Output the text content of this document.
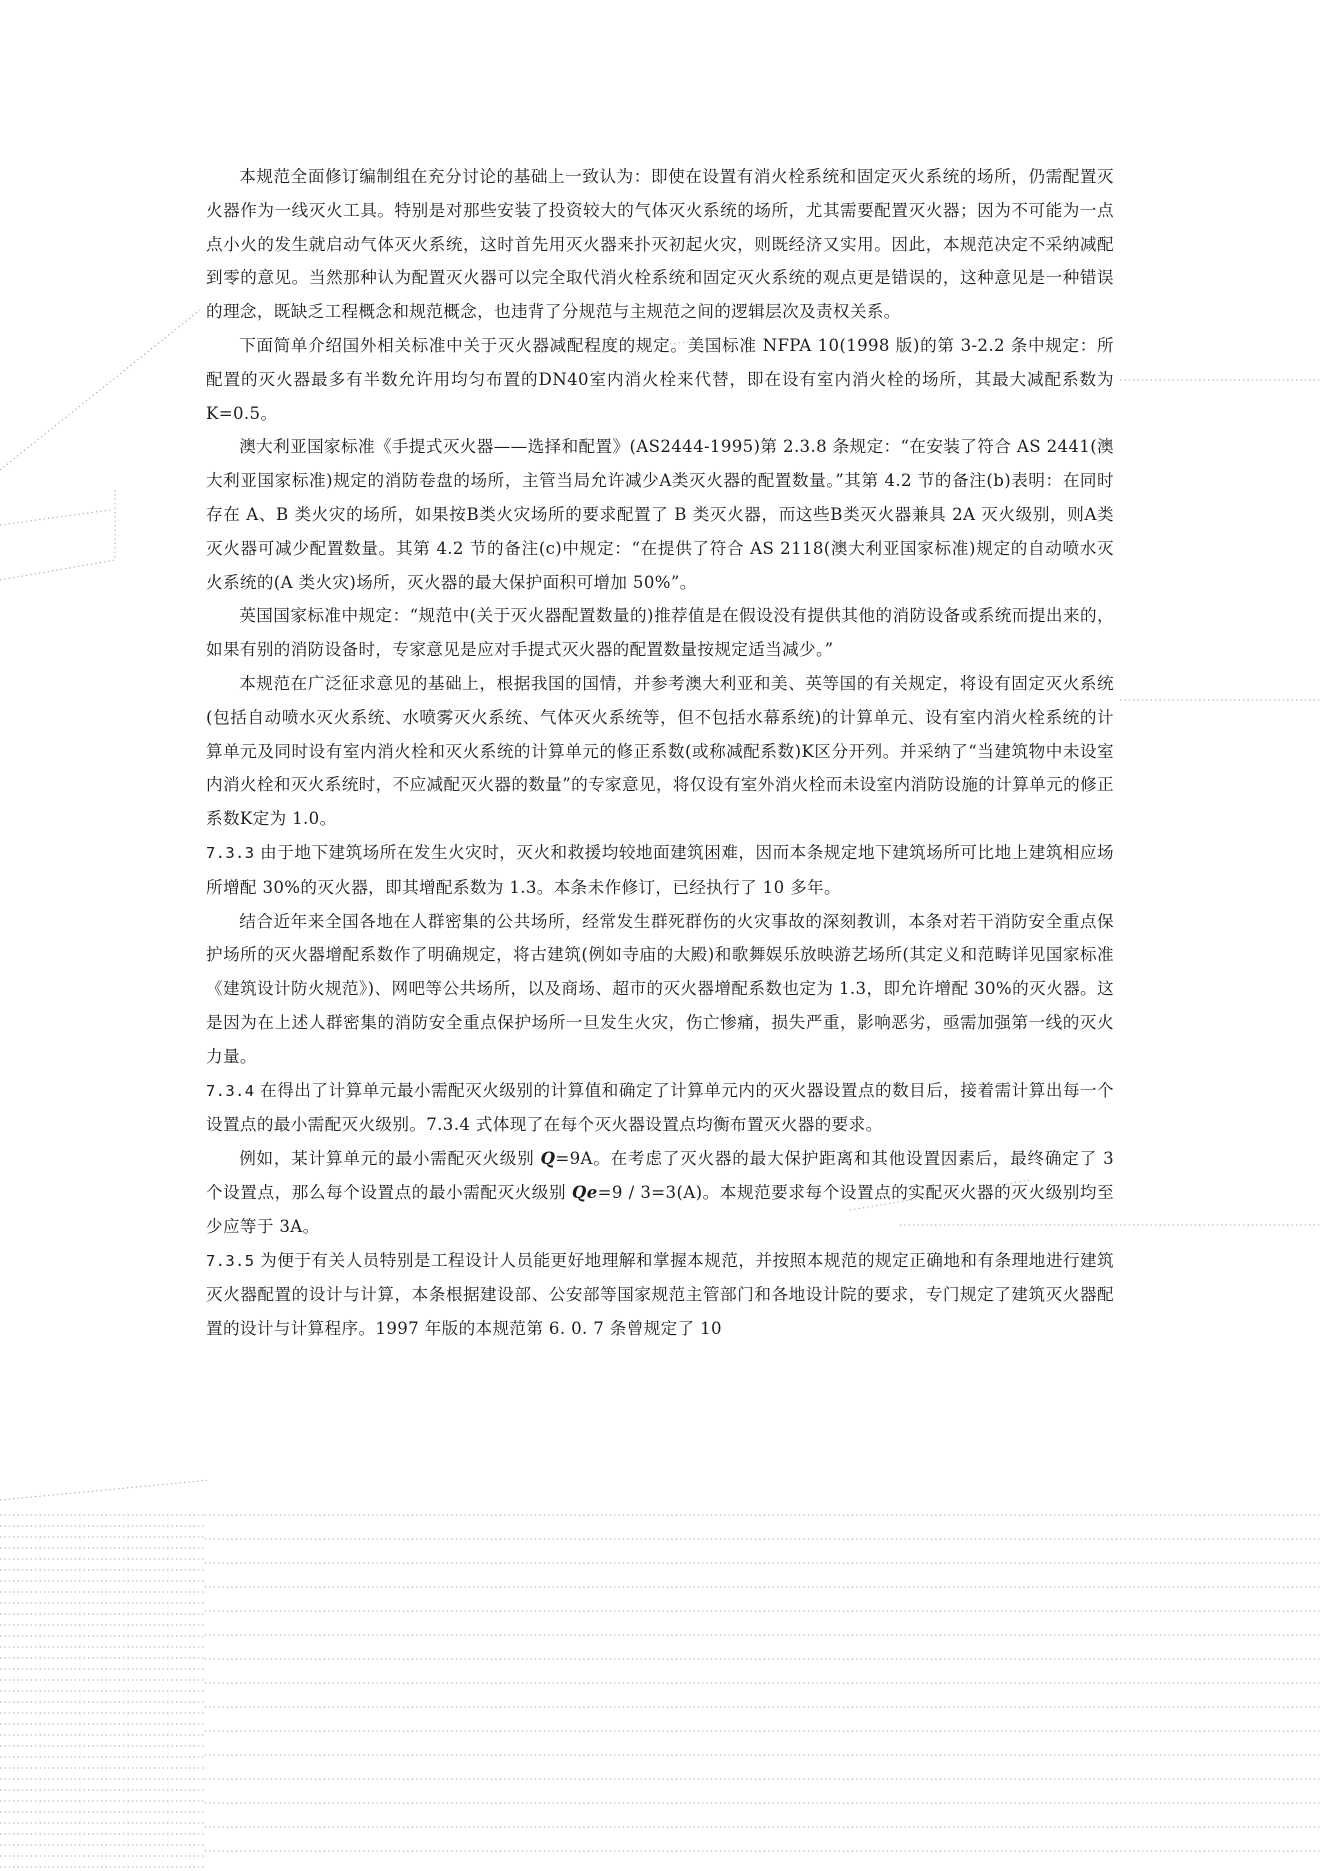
本规范全面修订编制组在充分讨论的基础上一致认为：即使在设置有消火栓系统和固定灭火系统的场所，仍需配置灭火器作为一线灭火工具。特别是对那些安装了投资较大的气体灭火系统的场所，尤其需要配置灭火器；因为不可能为一点点小火的发生就启动气体灭火系统，这时首先用灭火器来扑灭初起火灾，则既经济又实用。因此，本规范决定不采纳减配到零的意见。当然那种认为配置灭火器可以完全取代消火栓系统和固定灭火系统的观点更是错误的，这种意见是一种错误的理念，既缺乏工程概念和规范概念，也违背了分规范与主规范之间的逻辑层次及责权关系。

下面简单介绍国外相关标准中关于灭火器减配程度的规定。美国标准 NFPA 10(1998 版)的第 3-2.2 条中规定：所配置的灭火器最多有半数允许用均匀布置的DN40室内消火栓来代替，即在设有室内消火栓的场所，其最大减配系数为 K=0.5。

澳大利亚国家标准《手提式灭火器——选择和配置》(AS2444-1995)第 2.3.8 条规定：“在安装了符合 AS 2441(澳大利亚国家标准)规定的消防卷盘的场所，主管当局允许减少A类灭火器的配置数量。”其第 4.2 节的备注(b)表明：在同时存在 A、B 类火灾的场所，如果按B类火灾场所的要求配置了 B 类灭火器，而这些B类灭火器兼具 2A 灭火级别，则A类灭火器可减少配置数量。其第 4.2 节的备注(c)中规定：“在提供了符合 AS 2118(澳大利亚国家标准)规定的自动喷水灭火系统的(A 类火灾)场所，灭火器的最大保护面积可增加 50%”。

英国国家标准中规定：“规范中(关于灭火器配置数量的)推荐值是在假设没有提供其他的消防设备或系统而提出来的，如果有别的消防设备时，专家意见是应对手提式灭火器的配置数量按规定适当减少。”

本规范在广泛征求意见的基础上，根据我国的国情，并参考澳大利亚和美、英等国的有关规定，将设有固定灭火系统(包括自动喷水灭火系统、水喷雾灭火系统、气体灭火系统等，但不包括水幕系统)的计算单元、设有室内消火栓系统的计算单元及同时设有室内消火栓和灭火系统的计算单元的修正系数(或称减配系数)K区分开列。并采纳了“当建筑物中未设室内消火栓和灭火系统时，不应减配灭火器的数量”的专家意见，将仅设有室外消火栓而未设室内消防设施的计算单元的修正系数K定为 1.0。

7.3.3 由于地下建筑场所在发生火灾时，灭火和救援均较地面建筑困难，因而本条规定地下建筑场所可比地上建筑相应场所增配 30%的灭火器，即其增配系数为 1.3。本条未作修订，已经执行了 10 多年。

结合近年来全国各地在人群密集的公共场所，经常发生群死群伤的火灾事故的深刻教训，本条对若干消防安全重点保护场所的灭火器增配系数作了明确规定，将古建筑(例如寺庙的大殿)和歌舞娱乐放映游艺场所(其定义和范畴详见国家标准《建筑设计防火规范》)、网吧等公共场所，以及商场、超市的灭火器增配系数也定为 1.3，即允许增配 30%的灭火器。这是因为在上述人群密集的消防安全重点保护场所一旦发生火灾，伤亡惨痛，损失严重，影响恶劣，亟需加强第一线的灭火力量。

7.3.4 在得出了计算单元最小需配灭火级别的计算值和确定了计算单元内的灭火器设置点的数目后，接着需计算出每一个设置点的最小需配灭火级别。7.3.4 式体现了在每个灭火器设置点均衡布置灭火器的要求。

例如，某计算单元的最小需配灭火级别 Q=9A。在考虑了灭火器的最大保护距离和其他设置因素后，最终确定了 3 个设置点，那么每个设置点的最小需配灭火级别 Qe=9 / 3=3(A)。本规范要求每个设置点的实配灭火器的灭火级别均至少应等于 3A。

7.3.5 为便于有关人员特别是工程设计人员能更好地理解和掌握本规范，并按照本规范的规定正确地和有条理地进行建筑灭火器配置的设计与计算，本条根据建设部、公安部等国家规范主管部门和各地设计院的要求，专门规定了建筑灭火器配置的设计与计算程序。1997 年版的本规范第 6. 0. 7 条曾规定了 10
